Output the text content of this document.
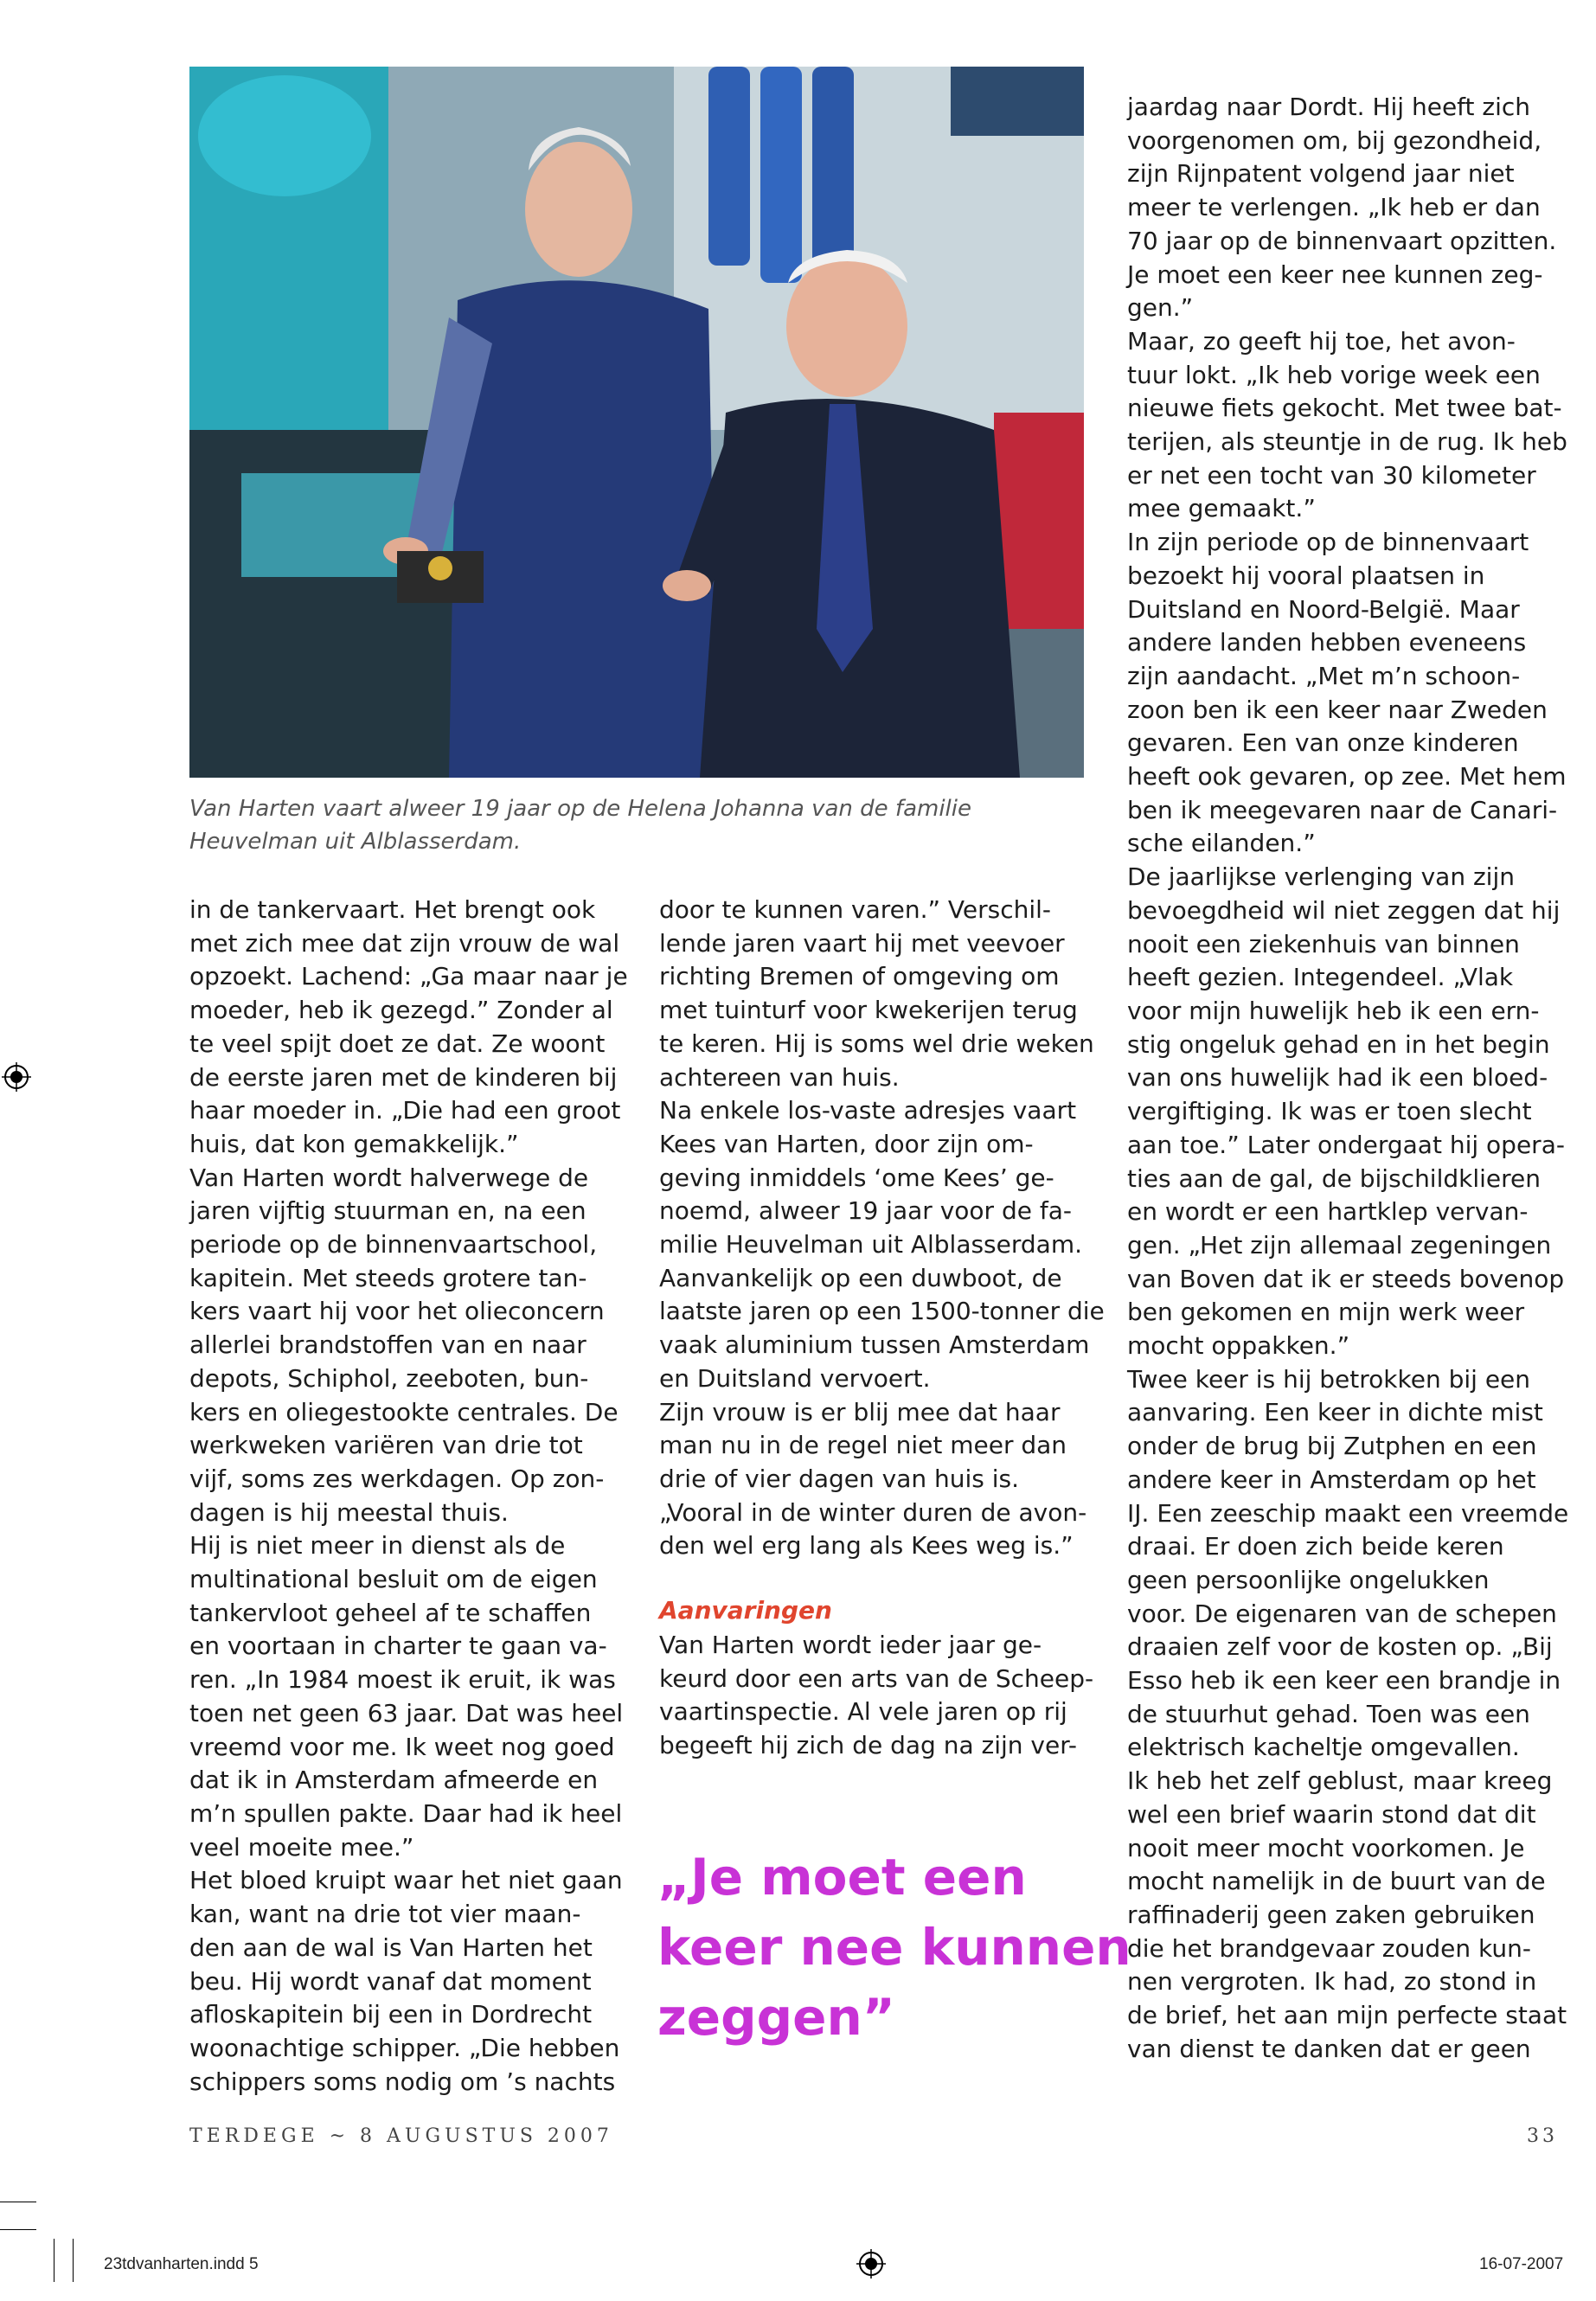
Van Harten vaart alweer 19 jaar op de Helena Johanna van de familie Heuvelman uit Alblasserdam.

in de tankervaart. Het brengt ook

met zich mee dat zijn vrouw de wal

opzoekt. Lachend: „Ga maar naar je

moeder, heb ik gezegd.” Zonder al

te veel spijt doet ze dat. Ze woont

de eerste jaren met de kinderen bij

haar moeder in. „Die had een groot

huis, dat kon gemakkelijk.”

Van Harten wordt halverwege de

jaren vijftig stuurman en, na een

periode op de binnenvaartschool,

kapitein. Met steeds grotere tan-

kers vaart hij voor het olieconcern

allerlei brandstoffen van en naar

depots, Schiphol, zeeboten, bun-

kers en oliegestookte centrales. De

werkweken variëren van drie tot

vijf, soms zes werkdagen. Op zon-

dagen is hij meestal thuis.

Hij is niet meer in dienst als de

multinational besluit om de eigen

tankervloot geheel af te schaffen

en voortaan in charter te gaan va-

ren. „In 1984 moest ik eruit, ik was

toen net geen 63 jaar. Dat was heel

vreemd voor me. Ik weet nog goed

dat ik in Amsterdam afmeerde en

m’n spullen pakte. Daar had ik heel

veel moeite mee.”

Het bloed kruipt waar het niet gaan

kan, want na drie tot vier maan-

den aan de wal is Van Harten het

beu. Hij wordt vanaf dat moment

afloskapitein bij een in Dordrecht

woonachtige schipper. „Die hebben

schippers soms nodig om ’s nachts

door te kunnen varen.” Verschil-

lende jaren vaart hij met veevoer

richting Bremen of omgeving om

met tuinturf voor kwekerijen terug

te keren. Hij is soms wel drie weken

achtereen van huis.

Na enkele los-vaste adresjes vaart

Kees van Harten, door zijn om-

geving inmiddels ‘ome Kees’ ge-

noemd, alweer 19 jaar voor de fa-

milie Heuvelman uit Alblasserdam.

Aanvankelijk op een duwboot, de

laatste jaren op een 1500-tonner die

vaak aluminium tussen Amsterdam

en Duitsland vervoert.

Zijn vrouw is er blij mee dat haar

man nu in de regel niet meer dan

drie of vier dagen van huis is.

„Vooral in de winter duren de avon-

den wel erg lang als Kees weg is.”

Aanvaringen

Van Harten wordt ieder jaar ge-

keurd door een arts van de Scheep-

vaartinspectie. Al vele jaren op rij

begeeft hij zich de dag na zijn ver-

„Je moet een
keer nee kunnen
zeggen”

jaardag naar Dordt. Hij heeft zich

voorgenomen om, bij gezondheid,

zijn Rijnpatent volgend jaar niet

meer te verlengen. „Ik heb er dan

70 jaar op de binnenvaart opzitten.

Je moet een keer nee kunnen zeg-

gen.”

Maar, zo geeft hij toe, het avon-

tuur lokt. „Ik heb vorige week een

nieuwe fiets gekocht. Met twee bat-

terijen, als steuntje in de rug. Ik heb

er net een tocht van 30 kilometer

mee gemaakt.”

In zijn periode op de binnenvaart

bezoekt hij vooral plaatsen in

Duitsland en Noord-België. Maar

andere landen hebben eveneens

zijn aandacht. „Met m’n schoon-

zoon ben ik een keer naar Zweden

gevaren. Een van onze kinderen

heeft ook gevaren, op zee. Met hem

ben ik meegevaren naar de Canari-

sche eilanden.”

De jaarlijkse verlenging van zijn

bevoegdheid wil niet zeggen dat hij

nooit een ziekenhuis van binnen

heeft gezien. Integendeel. „Vlak

voor mijn huwelijk heb ik een ern-

stig ongeluk gehad en in het begin

van ons huwelijk had ik een bloed-

vergiftiging. Ik was er toen slecht

aan toe.” Later ondergaat hij opera-

ties aan de gal, de bijschildklieren

en wordt er een hartklep vervan-

gen. „Het zijn allemaal zegeningen

van Boven dat ik er steeds bovenop

ben gekomen en mijn werk weer

mocht oppakken.”

Twee keer is hij betrokken bij een

aanvaring. Een keer in dichte mist

onder de brug bij Zutphen en een

andere keer in Amsterdam op het

IJ. Een zeeschip maakt een vreemde

draai. Er doen zich beide keren

geen persoonlijke ongelukken

voor. De eigenaren van de schepen

draaien zelf voor de kosten op. „Bij

Esso heb ik een keer een brandje in

de stuurhut gehad. Toen was een

elektrisch kacheltje omgevallen.

Ik heb het zelf geblust, maar kreeg

wel een brief waarin stond dat dit

nooit meer mocht voorkomen. Je

mocht namelijk in de buurt van de

raffinaderij geen zaken gebruiken

die het brandgevaar zouden kun-

nen vergroten. Ik had, zo stond in

de brief, het aan mijn perfecte staat

van dienst te danken dat er geen

TERDEGE ~ 8 AUGUSTUS 2007	33

23tdvanharten.indd 5	16-07-2007
